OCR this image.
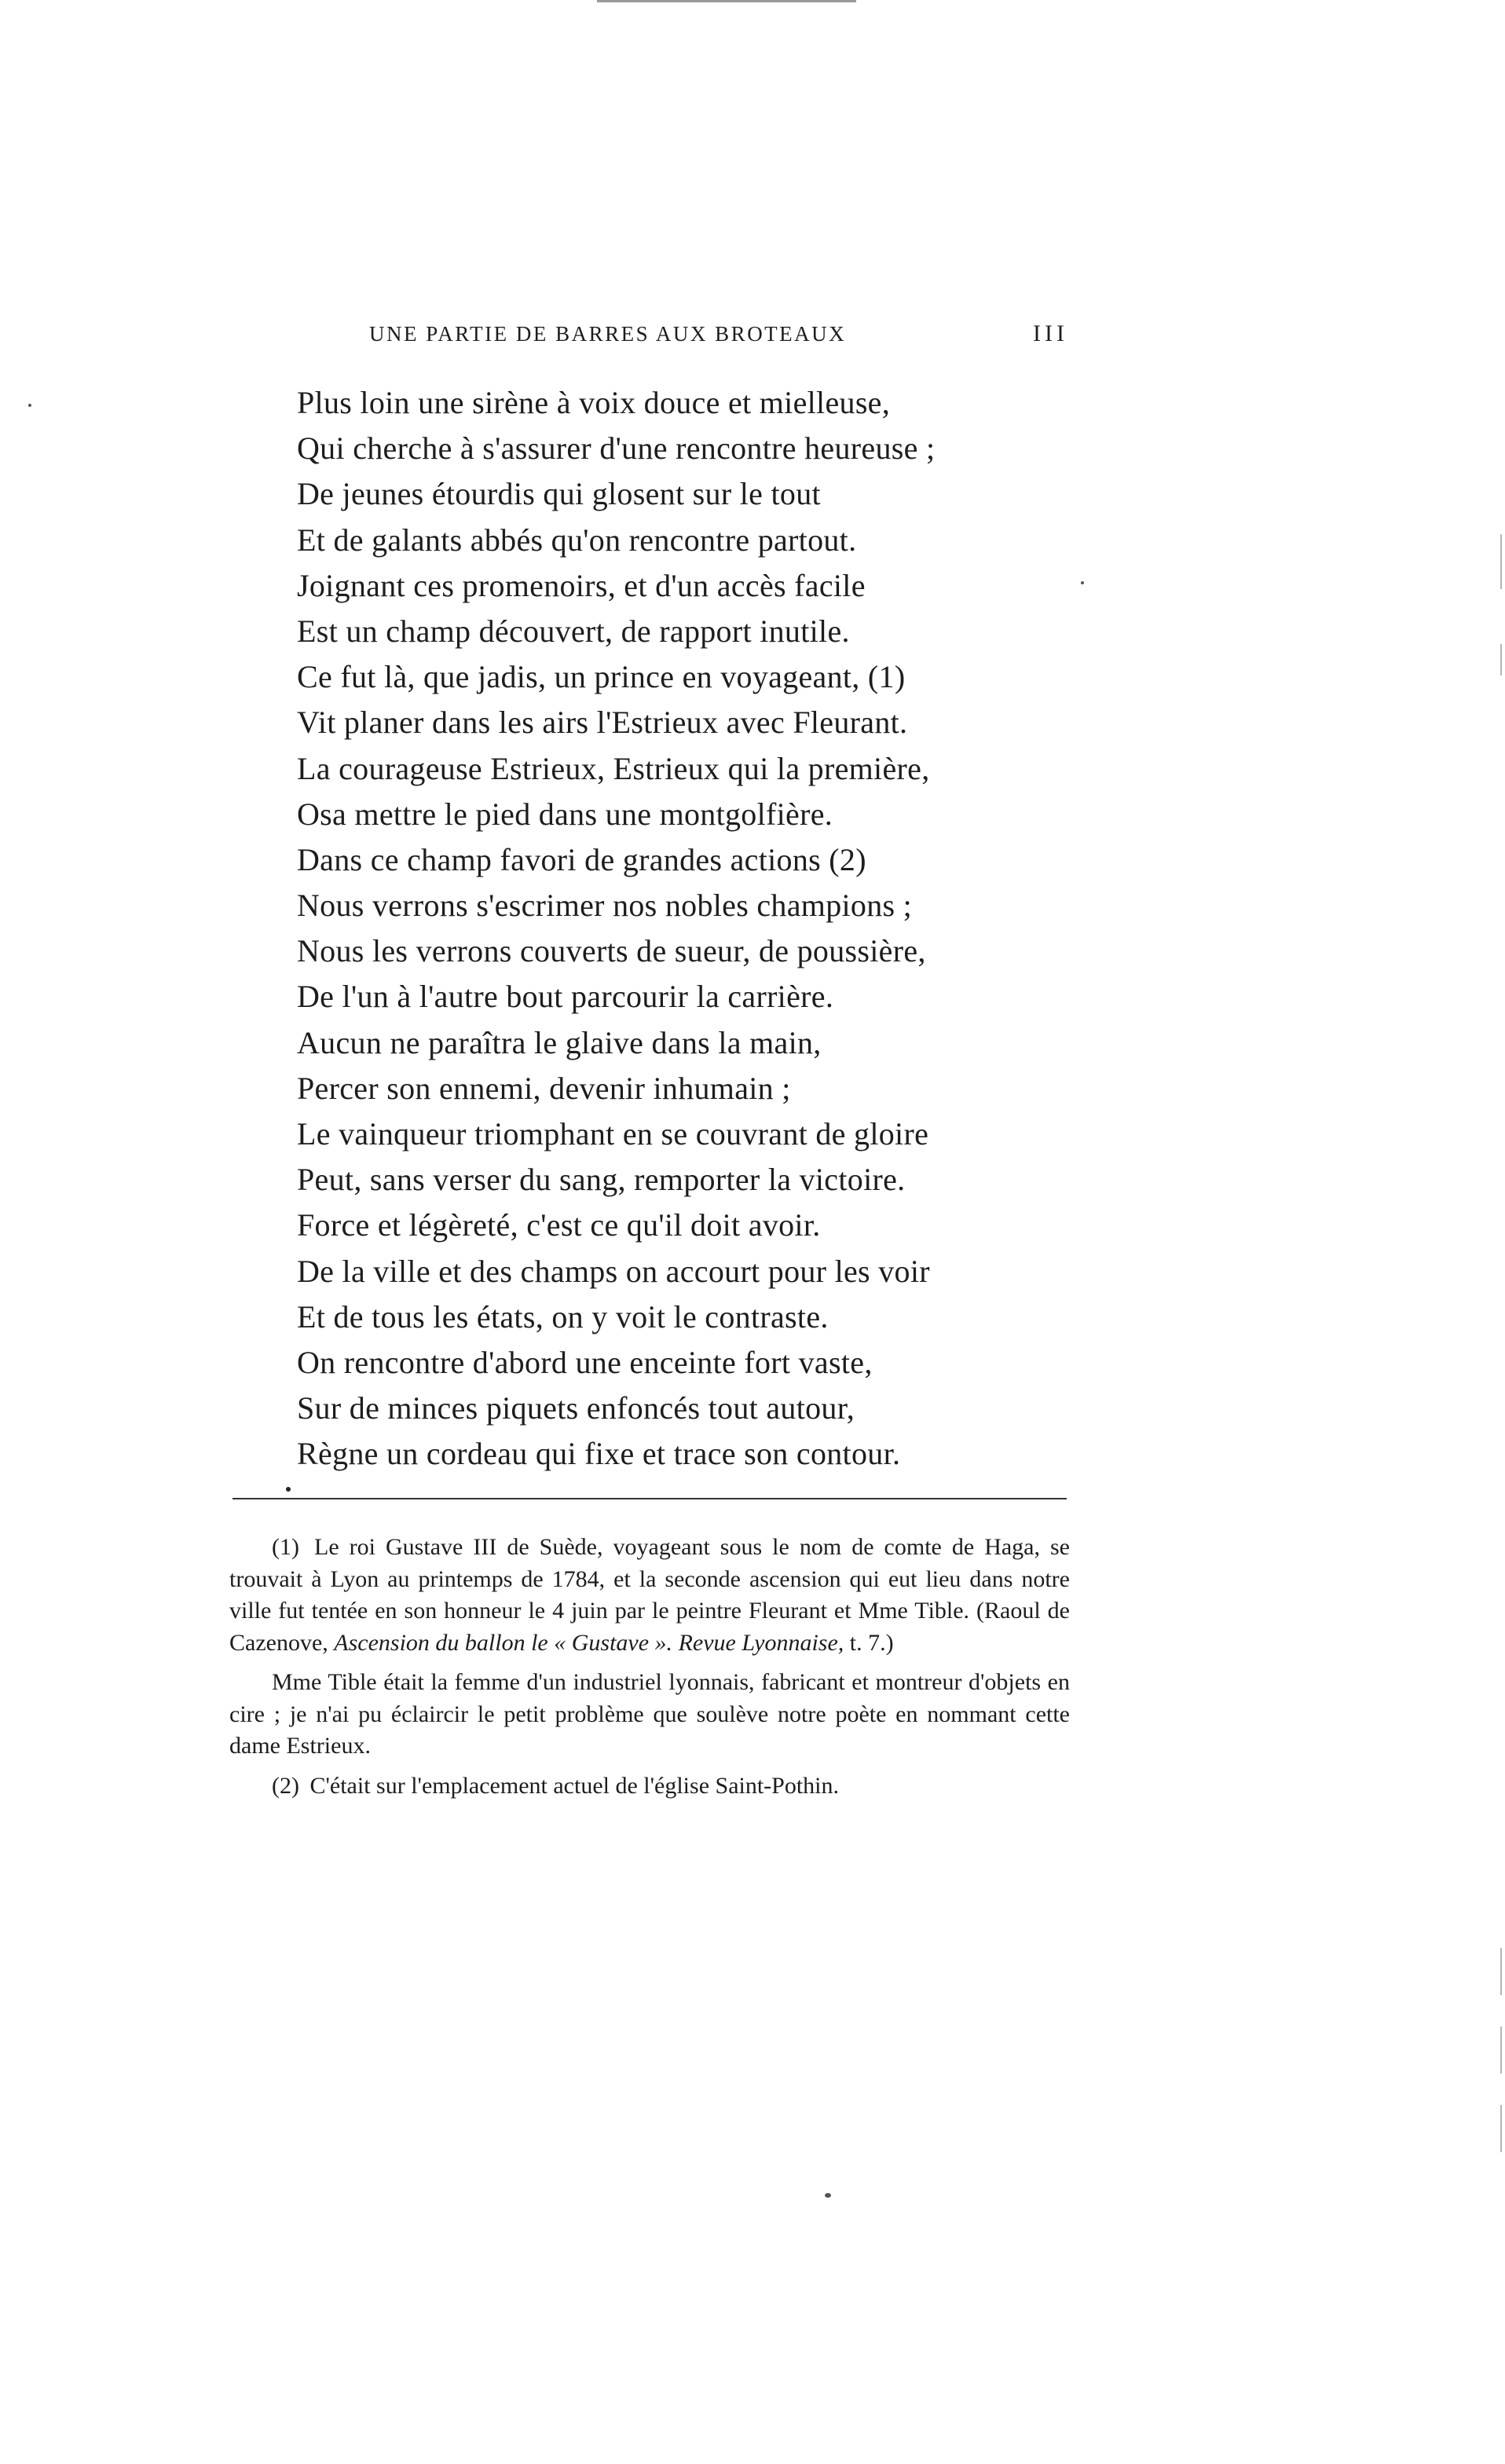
UNE PARTIE DE BARRES AUX BROTEAUX	III
Plus loin une sirène à voix douce et mielleuse,
Qui cherche à s'assurer d'une rencontre heureuse ;
De jeunes étourdis qui glosent sur le tout
Et de galants abbés qu'on rencontre partout.
Joignant ces promenoirs, et d'un accès facile
Est un champ découvert, de rapport inutile.
Ce fut là, que jadis, un prince en voyageant, (1)
Vit planer dans les airs l'Estrieux avec Fleurant.
La courageuse Estrieux, Estrieux qui la première,
Osa mettre le pied dans une montgolfière.
Dans ce champ favori de grandes actions (2)
Nous verrons s'escrimer nos nobles champions ;
Nous les verrons couverts de sueur, de poussière,
De l'un à l'autre bout parcourir la carrière.
Aucun ne paraîtra le glaive dans la main,
Percer son ennemi, devenir inhumain ;
Le vainqueur triomphant en se couvrant de gloire
Peut, sans verser du sang, remporter la victoire.
Force et légèreté, c'est ce qu'il doit avoir.
De la ville et des champs on accourt pour les voir
Et de tous les états, on y voit le contraste.
On rencontre d'abord une enceinte fort vaste,
Sur de minces piquets enfoncés tout autour,
Règne un cordeau qui fixe et trace son contour.

(1) Le roi Gustave III de Suède, voyageant sous le nom de comte de Haga, se trouvait à Lyon au printemps de 1784, et la seconde ascension qui eut lieu dans notre ville fut tentée en son honneur le 4 juin par le peintre Fleurant et Mme Tible. (Raoul de Cazenove, Ascension du ballon le « Gustave ». Revue Lyonnaise, t. 7.)

Mme Tible était la femme d'un industriel lyonnais, fabricant et montreur d'objets en cire ; je n'ai pu éclaircir le petit problème que soulève notre poète en nommant cette dame Estrieux.

(2) C'était sur l'emplacement actuel de l'église Saint-Pothin.
